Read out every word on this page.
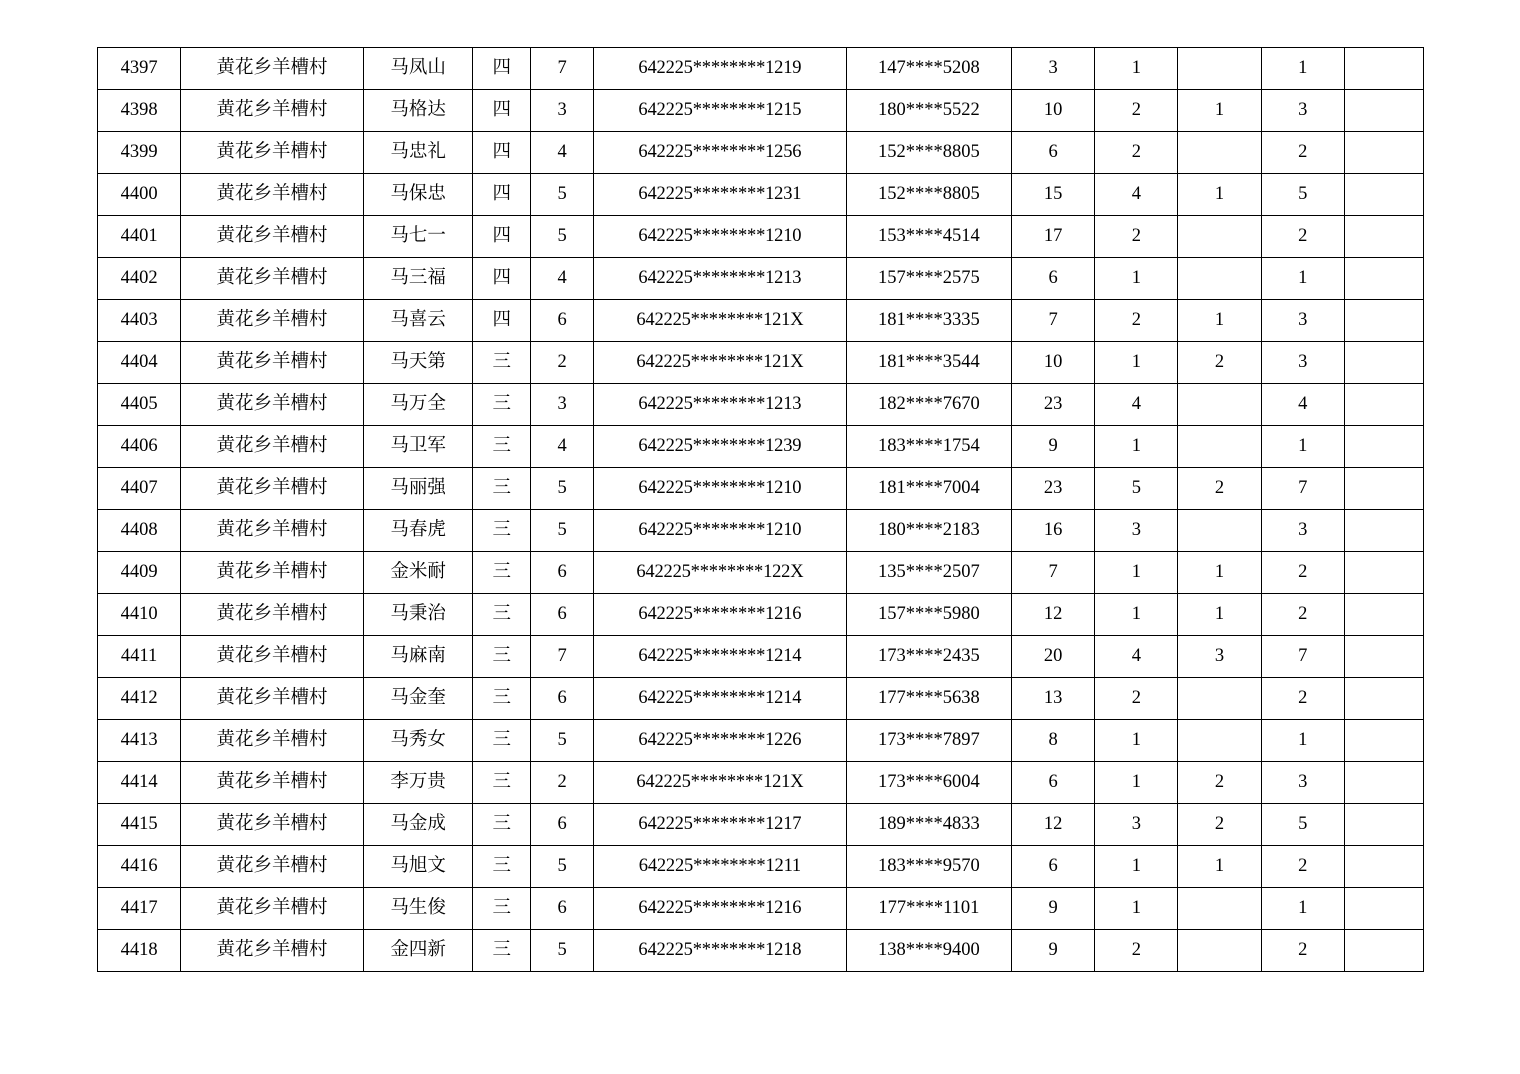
4397	黄花乡羊槽村	马凤山	四	7	642225********1219	147****5208	3	1		1	
4398	黄花乡羊槽村	马格达	四	3	642225********1215	180****5522	10	2	1	3	
4399	黄花乡羊槽村	马忠礼	四	4	642225********1256	152****8805	6	2		2	
4400	黄花乡羊槽村	马保忠	四	5	642225********1231	152****8805	15	4	1	5	
4401	黄花乡羊槽村	马七一	四	5	642225********1210	153****4514	17	2		2	
4402	黄花乡羊槽村	马三福	四	4	642225********1213	157****2575	6	1		1	
4403	黄花乡羊槽村	马喜云	四	6	642225********121X	181****3335	7	2	1	3	
4404	黄花乡羊槽村	马天第	三	2	642225********121X	181****3544	10	1	2	3	
4405	黄花乡羊槽村	马万全	三	3	642225********1213	182****7670	23	4		4	
4406	黄花乡羊槽村	马卫军	三	4	642225********1239	183****1754	9	1		1	
4407	黄花乡羊槽村	马丽强	三	5	642225********1210	181****7004	23	5	2	7	
4408	黄花乡羊槽村	马春虎	三	5	642225********1210	180****2183	16	3		3	
4409	黄花乡羊槽村	金米耐	三	6	642225********122X	135****2507	7	1	1	2	
4410	黄花乡羊槽村	马秉治	三	6	642225********1216	157****5980	12	1	1	2	
4411	黄花乡羊槽村	马麻南	三	7	642225********1214	173****2435	20	4	3	7	
4412	黄花乡羊槽村	马金奎	三	6	642225********1214	177****5638	13	2		2	
4413	黄花乡羊槽村	马秀女	三	5	642225********1226	173****7897	8	1		1	
4414	黄花乡羊槽村	李万贵	三	2	642225********121X	173****6004	6	1	2	3	
4415	黄花乡羊槽村	马金成	三	6	642225********1217	189****4833	12	3	2	5	
4416	黄花乡羊槽村	马旭文	三	5	642225********1211	183****9570	6	1	1	2	
4417	黄花乡羊槽村	马生俊	三	6	642225********1216	177****1101	9	1		1	
4418	黄花乡羊槽村	金四新	三	5	642225********1218	138****9400	9	2		2	
